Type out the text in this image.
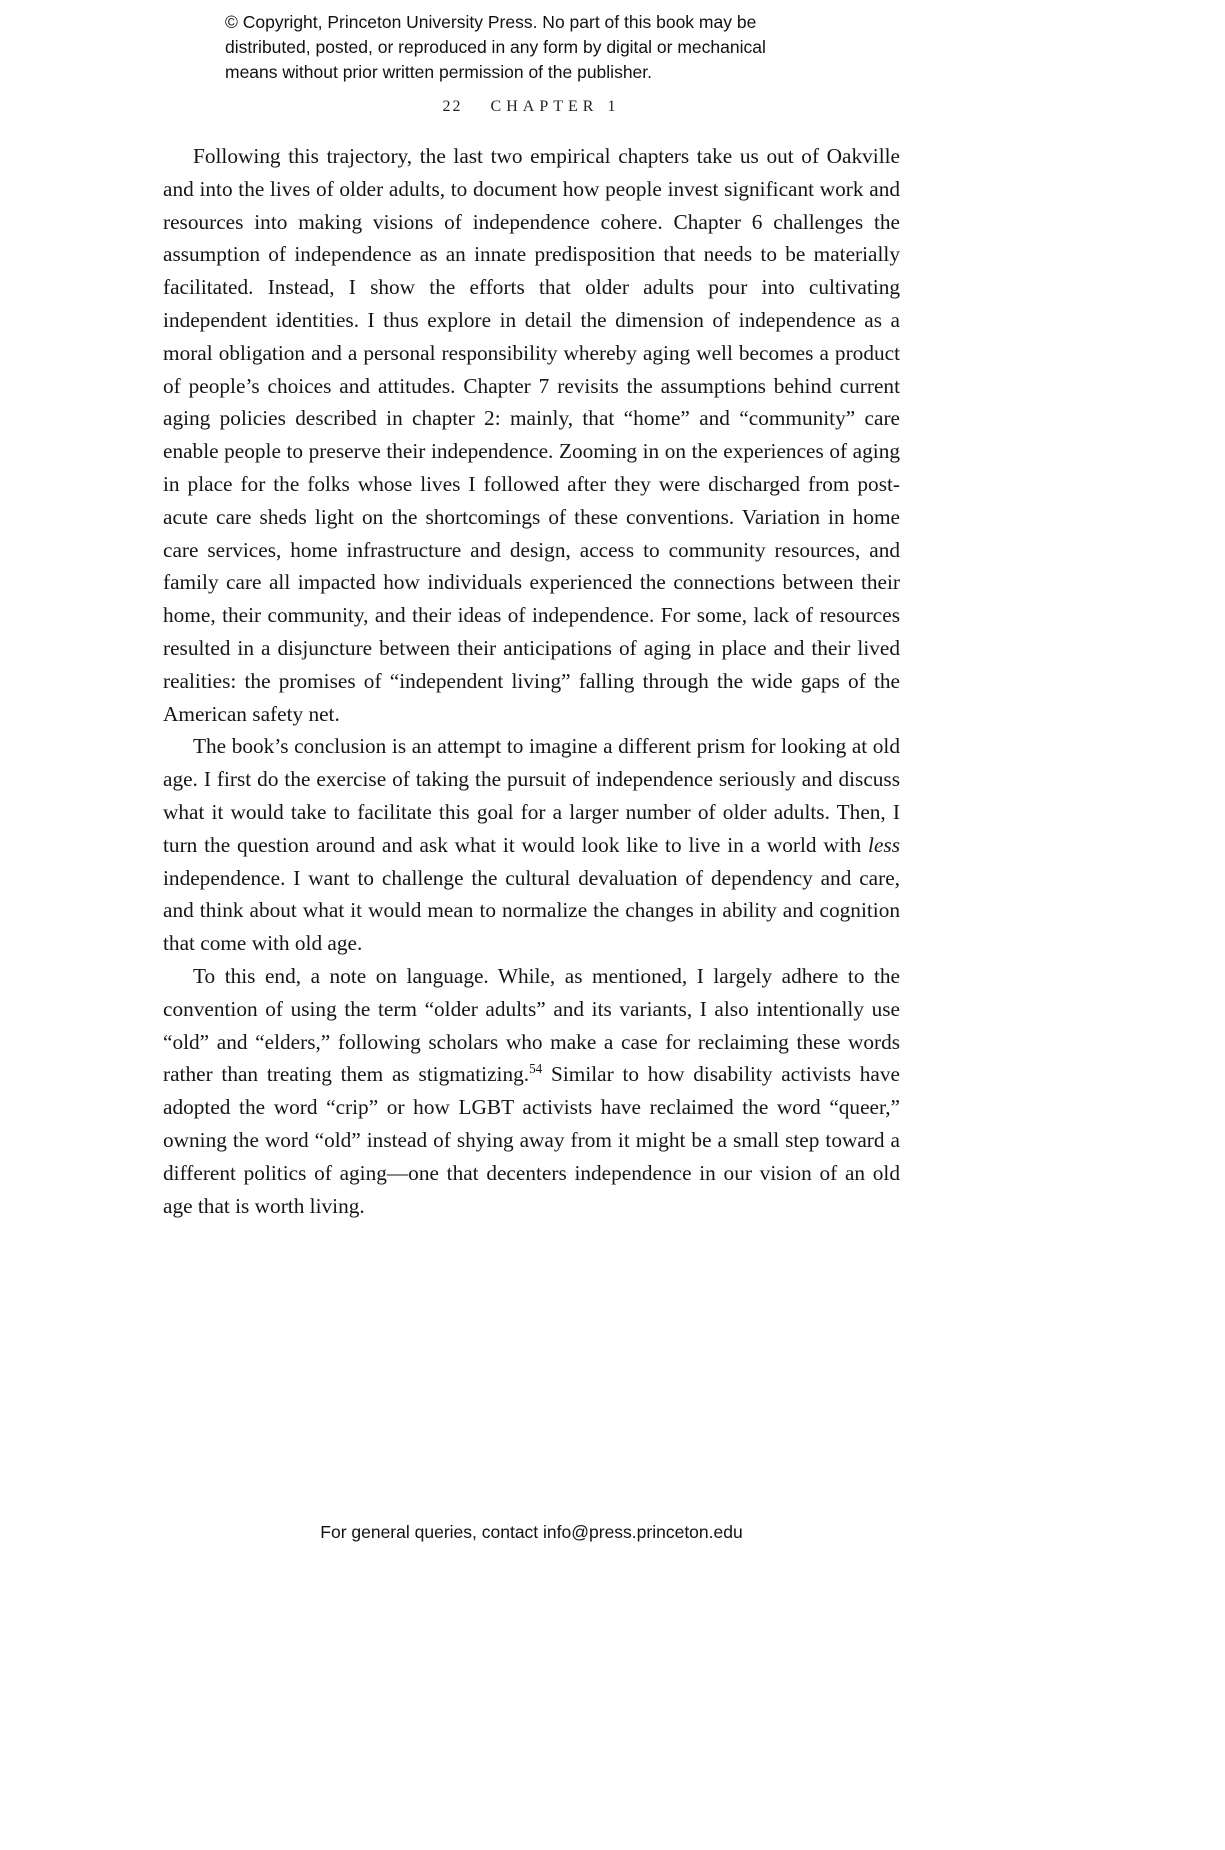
© Copyright, Princeton University Press. No part of this book may be
distributed, posted, or reproduced in any form by digital or mechanical
means without prior written permission of the publisher.
22 CHAPTER 1

Following this trajectory, the last two empirical chapters take us out of Oakville and into the lives of older adults, to document how people invest significant work and resources into making visions of independence cohere. Chapter 6 challenges the assumption of independence as an innate predisposition that needs to be materially facilitated. Instead, I show the efforts that older adults pour into cultivating independent identities. I thus explore in detail the dimension of independence as a moral obligation and a personal responsibility whereby aging well becomes a product of people’s choices and attitudes. Chapter 7 revisits the assumptions behind current aging policies described in chapter 2: mainly, that “home” and “community” care enable people to preserve their independence. Zooming in on the experiences of aging in place for the folks whose lives I followed after they were discharged from post-acute care sheds light on the shortcomings of these conventions. Variation in home care services, home infrastructure and design, access to community resources, and family care all impacted how individuals experienced the connections between their home, their community, and their ideas of independence. For some, lack of resources resulted in a disjuncture between their anticipations of aging in place and their lived realities: the promises of “independent living” falling through the wide gaps of the American safety net.

The book’s conclusion is an attempt to imagine a different prism for looking at old age. I first do the exercise of taking the pursuit of independence seriously and discuss what it would take to facilitate this goal for a larger number of older adults. Then, I turn the question around and ask what it would look like to live in a world with less independence. I want to challenge the cultural devaluation of dependency and care, and think about what it would mean to normalize the changes in ability and cognition that come with old age.

To this end, a note on language. While, as mentioned, I largely adhere to the convention of using the term “older adults” and its variants, I also intentionally use “old” and “elders,” following scholars who make a case for reclaiming these words rather than treating them as stigmatizing.$^{54}$ Similar to how disability activists have adopted the word “crip” or how LGBT activists have reclaimed the word “queer,” owning the word “old” instead of shying away from it might be a small step toward a different politics of aging—one that decenters independence in our vision of an old age that is worth living.

For general queries, contact info@press.princeton.edu
